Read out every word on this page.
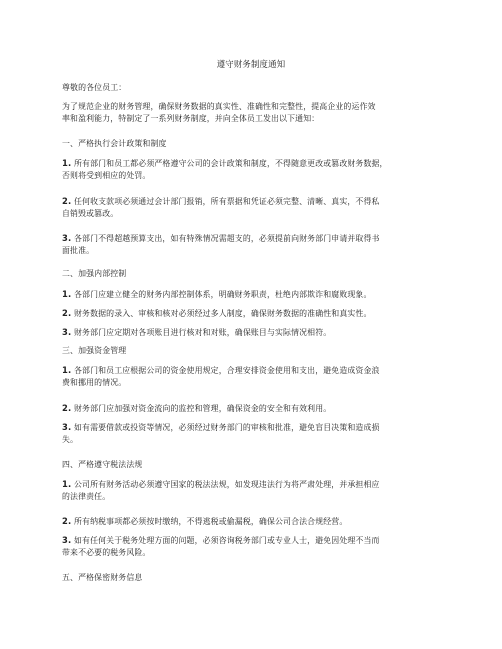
遵守财务制度通知
尊敬的各位员工：
为了规范企业的财务管理，确保财务数据的真实性、准确性和完整性，提高企业的运作效
率和盈利能力，特制定了一系列财务制度，并向全体员工发出以下通知：
一、严格执行会计政策和制度
1. 所有部门和员工都必须严格遵守公司的会计政策和制度，不得随意更改或篡改财务数据，
否则将受到相应的处罚。
2. 任何收支款项必须通过会计部门报销，所有票据和凭证必须完整、清晰、真实，不得私
自销毁或篡改。
3. 各部门不得超越预算支出，如有特殊情况需超支的，必须提前向财务部门申请并取得书
面批准。
二、加强内部控制
1. 各部门应建立健全的财务内部控制体系，明确财务职责，杜绝内部欺诈和腐败现象。
2. 财务数据的录入、审核和核对必须经过多人制度，确保财务数据的准确性和真实性。
3. 财务部门应定期对各项账目进行核对和对账，确保账目与实际情况相符。
三、加强资金管理
1. 各部门和员工应根据公司的资金使用规定，合理安排资金使用和支出，避免造成资金浪
费和挪用的情况。
2. 财务部门应加强对资金流向的监控和管理，确保资金的安全和有效利用。
3. 如有需要借款或投资等情况，必须经过财务部门的审核和批准，避免盲目决策和造成损
失。
四、严格遵守税法法规
1. 公司所有财务活动必须遵守国家的税法法规，如发现违法行为将严肃处理，并承担相应
的法律责任。
2. 所有纳税事项都必须按时缴纳，不得逃税或偷漏税，确保公司合法合规经营。
3. 如有任何关于税务处理方面的问题，必须咨询税务部门或专业人士，避免因处理不当而
带来不必要的税务风险。
五、严格保密财务信息
